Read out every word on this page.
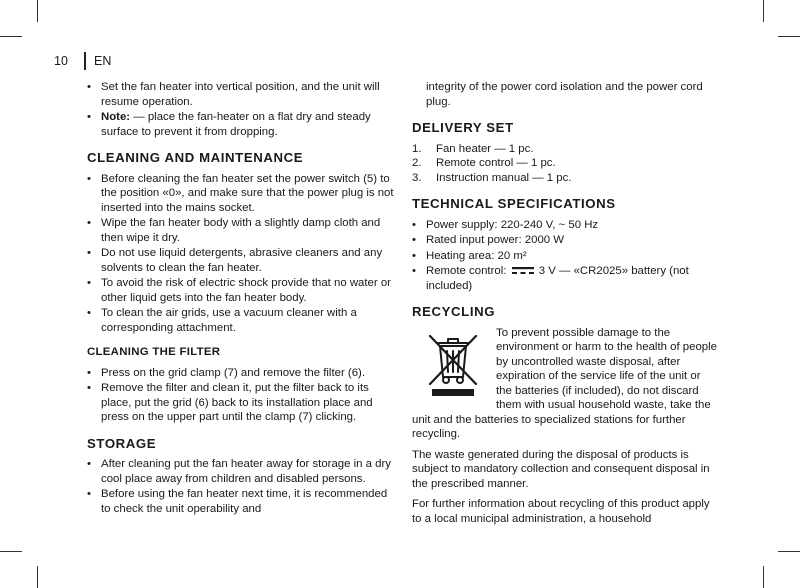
10	EN
• Set the fan heater into vertical position, and the unit will resume operation.
• Note: — place the fan-heater on a flat dry and steady surface to prevent it from dropping.
CLEANING AND MAINTENANCE
• Before cleaning the fan heater set the power switch (5) to the position «0», and make sure that the power plug is not inserted into the mains socket.
• Wipe the fan heater body with a slightly damp cloth and then wipe it dry.
• Do not use liquid detergents, abrasive cleaners and any solvents to clean the fan heater.
• To avoid the risk of electric shock provide that no water or other liquid gets into the fan heater body.
• To clean the air grids, use a vacuum cleaner with a corresponding attachment.
CLEANING THE FILTER
• Press on the grid clamp (7) and remove the filter (6).
• Remove the filter and clean it, put the filter back to its place, put the grid (6) back to its installation place and press on the upper part until the clamp (7) clicking.
STORAGE
• After cleaning put the fan heater away for storage in a dry cool place away from children and disabled persons.
• Before using the fan heater next time, it is recommended to check the unit operability and
integrity of the power cord isolation and the power cord plug.
DELIVERY SET
1. Fan heater — 1 pc.
2. Remote control — 1 pc.
3. Instruction manual — 1 pc.
TECHNICAL SPECIFICATIONS
• Power supply: 220-240 V, ~ 50 Hz
• Rated input power: 2000 W
• Heating area: 20 m²
• Remote control:	3 V — «CR2025» battery (not included)
RECYCLING

To prevent possible damage to the environment or harm to the health of people by uncontrolled waste disposal, after expiration of the service life of the unit or the batteries (if included), do not discard them with usual household waste, take the unit and the batteries to specialized stations for further recycling.

The waste generated during the disposal of products is subject to mandatory collection and consequent disposal in the prescribed manner.

For further information about recycling of this product apply to a local municipal administration, a household
